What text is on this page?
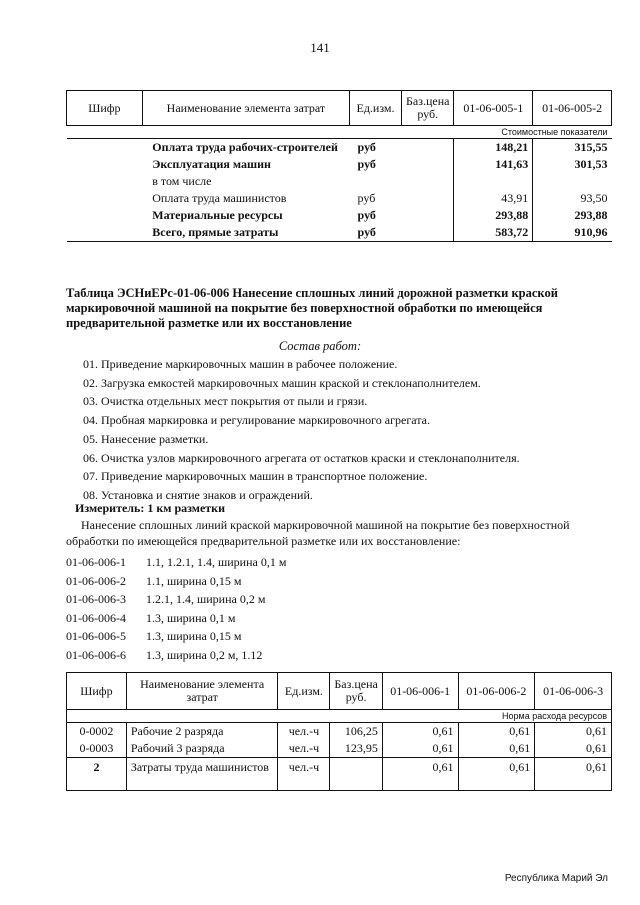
141
Шифр	Наименование элемента затрат	Ед.изм.	Баз.цена руб.	01-06-005-1	01-06-005-2
Стоимостные показатели					
	Оплата труда рабочих-строителей	руб		148,21	315,55
	Эксплуатация машин	руб		141,63	301,53
	в том числе				
	Оплата труда машинистов	руб		43,91	93,50
	Материальные ресурсы	руб		293,88	293,88
	Всего, прямые затраты	руб		583,72	910,96
Таблица ЭСНиЕРс-01-06-006 Нанесение сплошных линий дорожной разметки краской маркировочной машиной на покрытие без поверхностной обработки по имеющейся предварительной разметке или их восстановление
Состав работ:
01. Приведение маркировочных машин в рабочее положение.
02. Загрузка емкостей маркировочных машин краской и стеклонаполнителем.
03. Очистка отдельных мест покрытия от пыли и грязи.
04. Пробная маркировка и регулирование маркировочного агрегата.
05. Нанесение разметки.
06. Очистка узлов маркировочного агрегата от остатков краски и стеклонаполнителя.
07. Приведение маркировочных машин в транспортное положение.
08. Установка и снятие знаков и ограждений.
Измеритель: 1 км разметки
Нанесение сплошных линий краской маркировочной машиной на покрытие без поверхностной обработки по имеющейся предварительной разметке или их восстановление:
01-06-006-1 1.1, 1.2.1, 1.4, ширина 0,1 м
01-06-006-2 1.1, ширина 0,15 м
01-06-006-3 1.2.1, 1.4, ширина 0,2 м
01-06-006-4 1.3, ширина 0,1 м
01-06-006-5 1.3, ширина 0,15 м
01-06-006-6 1.3, ширина 0,2 м, 1.12
Шифр	Наименование элемента затрат	Ед.изм.	Баз.цена руб.	01-06-006-1	01-06-006-2	01-06-006-3
Норма расхода ресурсов						
0-0002	Рабочие 2 разряда	чел.-ч	106,25	0,61	0,61	0,61
0-0003	Рабочий 3 разряда	чел.-ч	123,95	0,61	0,61	0,61
2	Затраты труда машинистов	чел.-ч		0,61	0,61	0,61
Республика Марий Эл
